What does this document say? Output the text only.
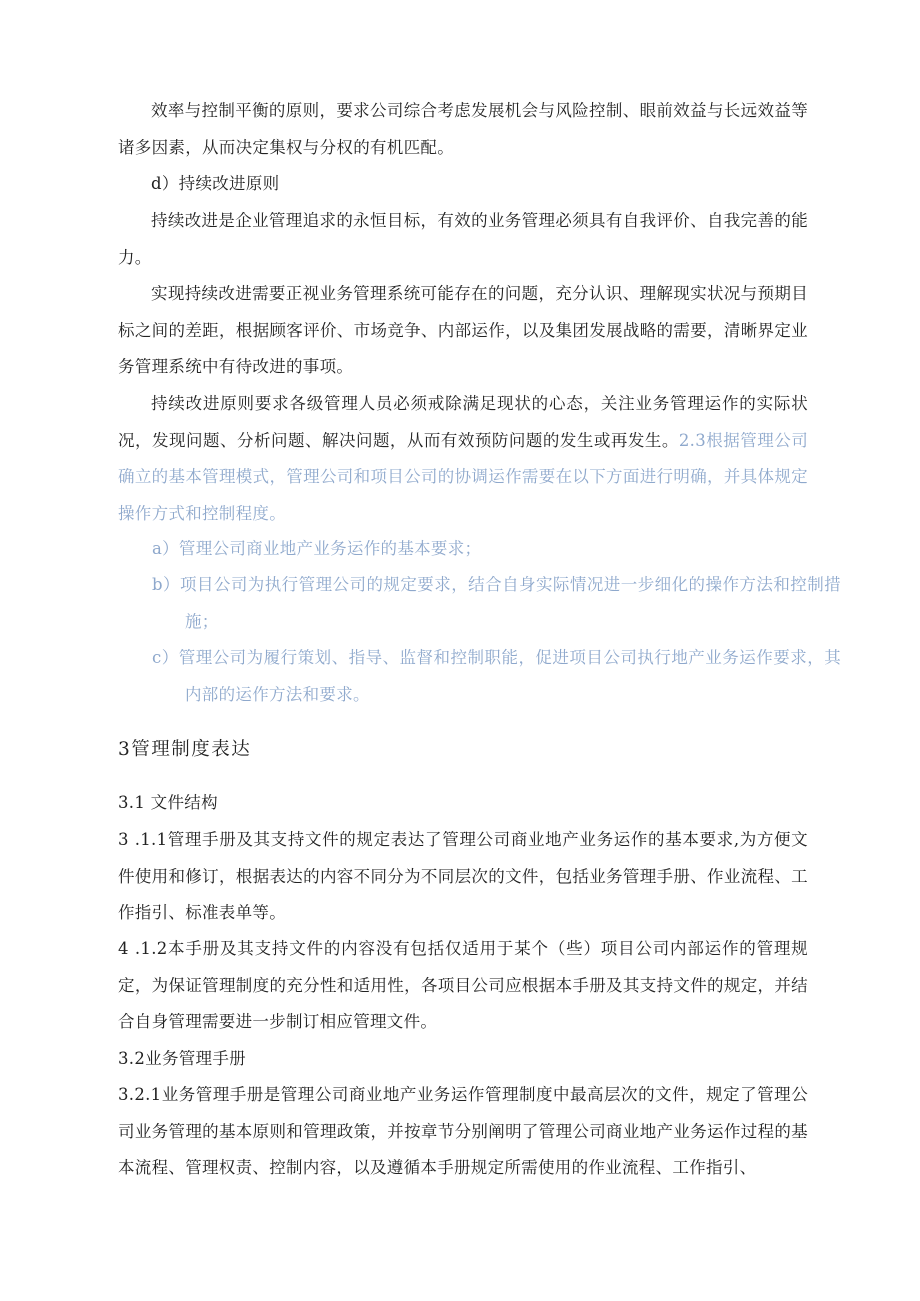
效率与控制平衡的原则，要求公司综合考虑发展机会与风险控制、眼前效益与长远效益等诸多因素，从而决定集权与分权的有机匹配。
d）持续改进原则
持续改进是企业管理追求的永恒目标，有效的业务管理必须具有自我评价、自我完善的能力。
实现持续改进需要正视业务管理系统可能存在的问题，充分认识、理解现实状况与预期目标之间的差距，根据顾客评价、市场竞争、内部运作，以及集团发展战略的需要，清晰界定业务管理系统中有待改进的事项。
持续改进原则要求各级管理人员必须戒除满足现状的心态，关注业务管理运作的实际状况，发现问题、分析问题、解决问题，从而有效预防问题的发生或再发生。2.3根据管理公司确立的基本管理模式，管理公司和项目公司的协调运作需要在以下方面进行明确，并具体规定操作方式和控制程度。
a）管理公司商业地产业务运作的基本要求；
b）项目公司为执行管理公司的规定要求，结合自身实际情况进一步细化的操作方法和控制措施；
c）管理公司为履行策划、指导、监督和控制职能，促进项目公司执行地产业务运作要求，其内部的运作方法和要求。
3管理制度表达
3.1 文件结构
3 .1.1管理手册及其支持文件的规定表达了管理公司商业地产业务运作的基本要求,为方便文件使用和修订，根据表达的内容不同分为不同层次的文件，包括业务管理手册、作业流程、工作指引、标准表单等。
4 .1.2本手册及其支持文件的内容没有包括仅适用于某个（些）项目公司内部运作的管理规定，为保证管理制度的充分性和适用性，各项目公司应根据本手册及其支持文件的规定，并结合自身管理需要进一步制订相应管理文件。
3.2业务管理手册
3.2.1业务管理手册是管理公司商业地产业务运作管理制度中最高层次的文件，规定了管理公司业务管理的基本原则和管理政策，并按章节分别阐明了管理公司商业地产业务运作过程的基本流程、管理权责、控制内容，以及遵循本手册规定所需使用的作业流程、工作指引、
